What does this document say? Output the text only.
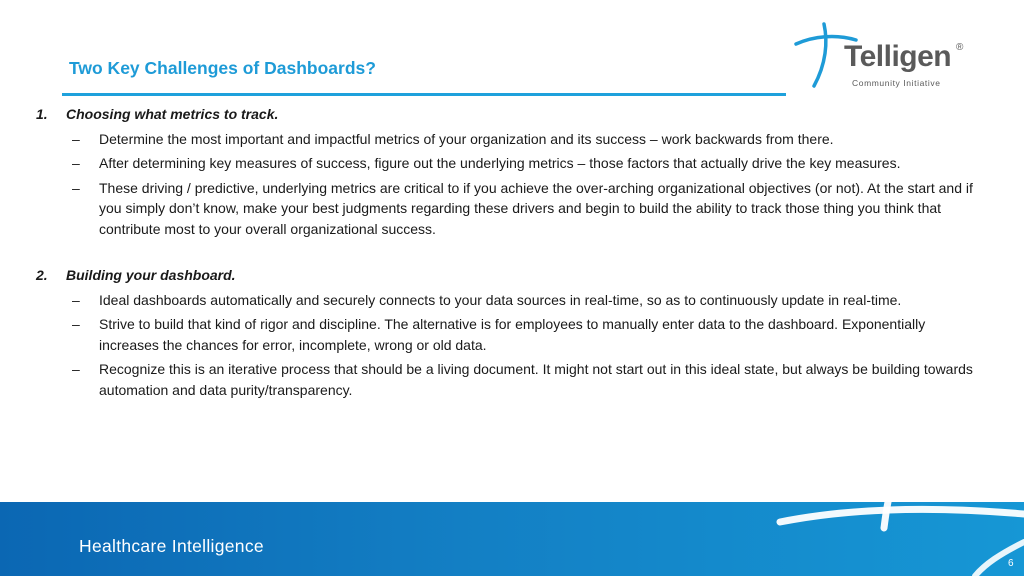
Two Key Challenges of Dashboards?	Telligen ®
Community Initiative
1. Choosing what metrics to track.
– Determine the most important and impactful metrics of your organization and its success – work backwards from there.
– After determining key measures of success, figure out the underlying metrics – those factors that actually drive the key measures.
– These driving / predictive, underlying metrics are critical to if you achieve the over-arching organizational objectives (or not). At the start and if you simply don’t know, make your best judgments regarding these drivers and begin to build the ability to track those thing you think that contribute most to your overall organizational success.
2. Building your dashboard.
– Ideal dashboards automatically and securely connects to your data sources in real-time, so as to continuously update in real-time.
– Strive to build that kind of rigor and discipline. The alternative is for employees to manually enter data to the dashboard. Exponentially increases the chances for error, incomplete, wrong or old data.
– Recognize this is an iterative process that should be a living document. It might not start out in this ideal state, but always be building towards automation and data purity/transparency.
Healthcare Intelligence
6
